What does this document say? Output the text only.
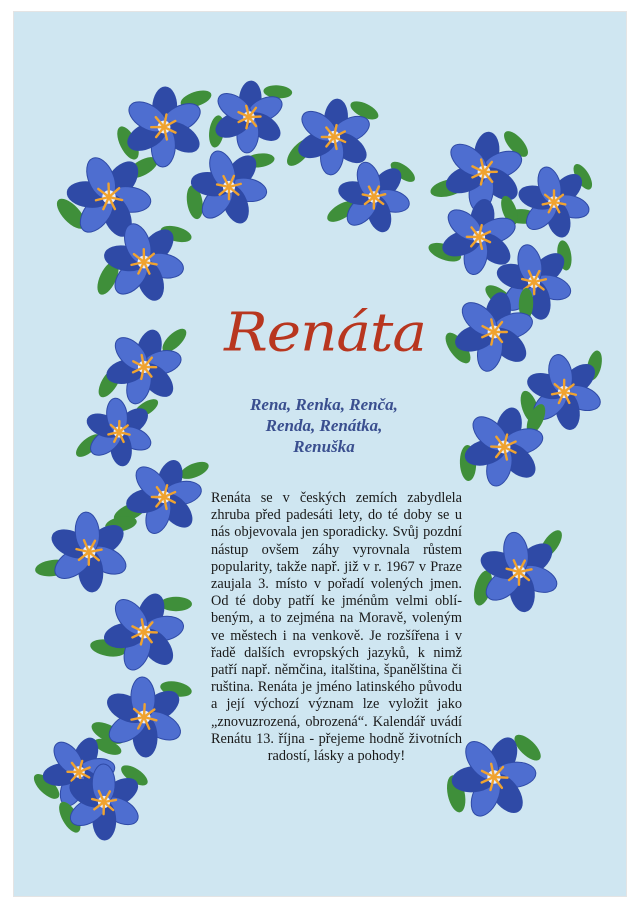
Renáta
Rena, Renka, Renča,
Renda, Renátka,
Renuška
Renáta se v českých zemích zabydlela zhruba před padesáti lety, do té doby se u nás objevovala jen sporadicky. Svůj pozdní nástup ovšem záhy vyrovnala růstem popularity, takže např. již v r. 1967 v Praze zaujala 3. místo v pořadí volených jmen. Od té doby patří ke jménům velmi oblíbeným, a to zejména na Moravě, voleným ve městech i na venkově. Je rozšířena i v řadě dalších evropských jazyků, k nimž patří např. němčina, italština, španělština či ruština. Renáta je jméno latinského původu a její výchozí význam lze vyložit jako „znovuzrozená, obrozená“. Kalendář uvádí Renátu 13. října - přejeme hodně životních radostí, lásky a pohody!
